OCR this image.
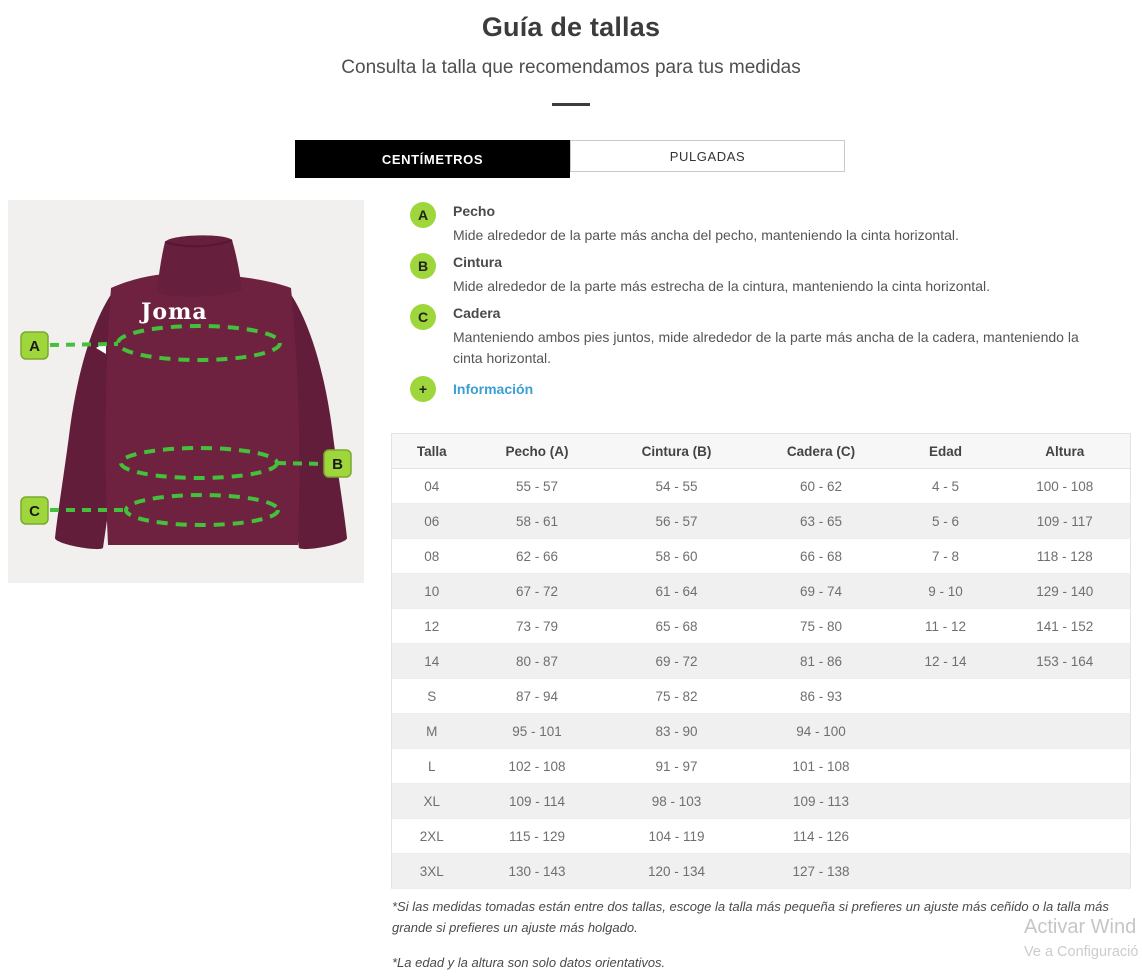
Guía de tallas
Consulta la talla que recomendamos para tus medidas
CENTÍMETROS	PULGADAS
Joma
A
B
C
A	Pecho
Mide alrededor de la parte más ancha del pecho, manteniendo la cinta horizontal.
B	Cintura
Mide alrededor de la parte más estrecha de la cintura, manteniendo la cinta horizontal.
C	Cadera
Manteniendo ambos pies juntos, mide alrededor de la parte más ancha de la cadera, manteniendo la cinta horizontal.
+	Información
Talla	Pecho (A)	Cintura (B)	Cadera (C)	Edad	Altura
04	55 - 57	54 - 55	60 - 62	4 - 5	100 - 108
06	58 - 61	56 - 57	63 - 65	5 - 6	109 - 117
08	62 - 66	58 - 60	66 - 68	7 - 8	118 - 128
10	67 - 72	61 - 64	69 - 74	9 - 10	129 - 140
12	73 - 79	65 - 68	75 - 80	11 - 12	141 - 152
14	80 - 87	69 - 72	81 - 86	12 - 14	153 - 164
S	87 - 94	75 - 82	86 - 93		
M	95 - 101	83 - 90	94 - 100		
L	102 - 108	91 - 97	101 - 108		
XL	109 - 114	98 - 103	109 - 113		
2XL	115 - 129	104 - 119	114 - 126		
3XL	130 - 143	120 - 134	127 - 138		

*Si las medidas tomadas están entre dos tallas, escoge la talla más pequeña si prefieres un ajuste más ceñido o la talla más grande si prefieres un ajuste más holgado.

*La edad y la altura son solo datos orientativos.

Activar Wind
Ve a Configuració
